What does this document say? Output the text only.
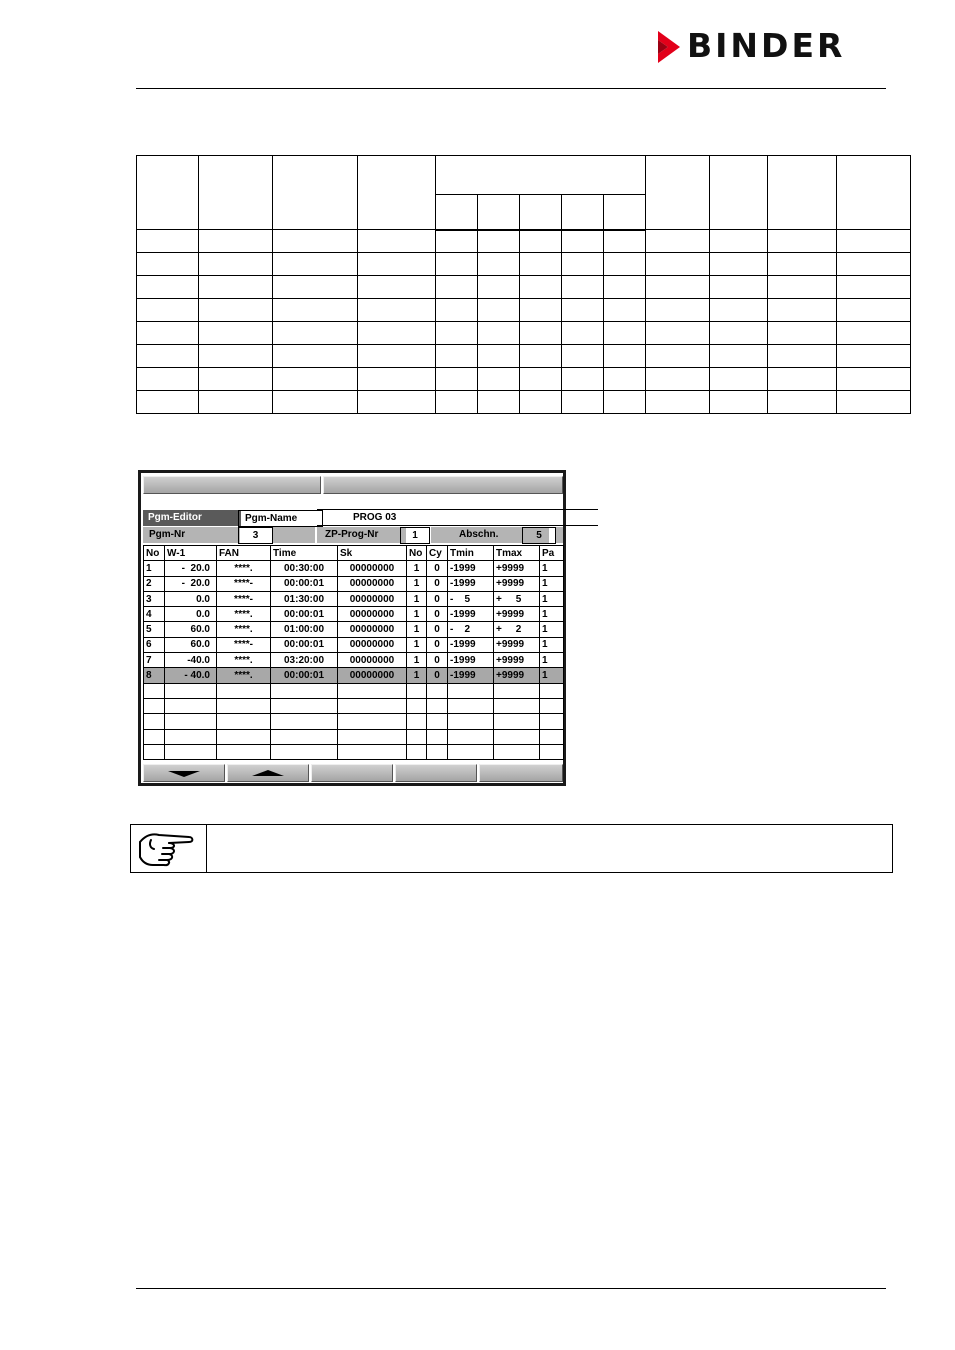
BINDER

Pgm-Editor	Pgm-Name	PROG 03
Pgm-Nr	3	ZP-Prog-Nr	1	Abschn.	5
No	W-1	FAN	Time	Sk	No	Cy	Tmin	Tmax	Pa
1	-  20.0	****.	00:30:00	00000000	1	0	-1999	+9999	1
2	-  20.0	****-	00:00:01	00000000	1	0	-1999	+9999	1
3	0.0	****-	01:30:00	00000000	1	0	-    5	+     5	1
4	0.0	****.	00:00:01	00000000	1	0	-1999	+9999	1
5	60.0	****.	01:00:00	00000000	1	0	-    2	+     2	1
6	60.0	****-	00:00:01	00000000	1	0	-1999	+9999	1
7	-40.0	****.	03:20:00	00000000	1	0	-1999	+9999	1
8	- 40.0	****.	00:00:01	00000000	1	0	-1999	+9999	1
